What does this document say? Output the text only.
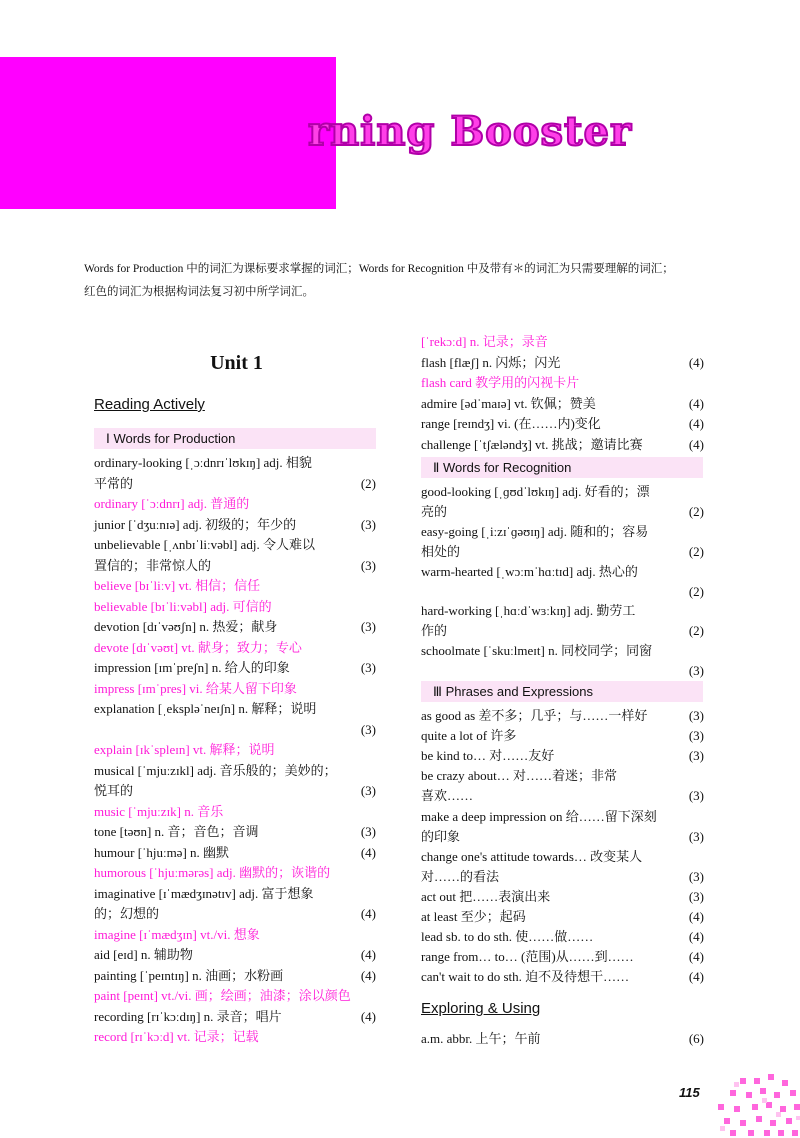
rning Booster

Words for Production 中的词汇为课标要求掌握的词汇；Words for Recognition 中及带有＊的词汇为只需要理解的词汇；

红色的词汇为根据构词法复习初中所学词汇。

Unit 1
Reading Actively
Ⅰ Words for Production
ordinary-looking [ˌɔːdnrɪˈlʊkɪŋ] adj. 相貌
平常的	(2)
ordinary [ˈɔːdnrɪ] adj. 普通的
junior [ˈdʒuːnɪə] adj. 初级的；年少的	(3)
unbelievable [ˌʌnbɪˈliːvəbl] adj. 令人难以
置信的；非常惊人的	(3)
believe [bɪˈliːv] vt. 相信；信任
believable [bɪˈliːvəbl] adj. 可信的
devotion [dɪˈvəʊʃn] n. 热爱；献身	(3)
devote [dɪˈvəʊt] vt. 献身；致力；专心
impression [ɪmˈpreʃn] n. 给人的印象	(3)
impress [ɪmˈpres] vi. 给某人留下印象
explanation [ˌekspləˈneɪʃn] n. 解释；说明
(3)
explain [ɪkˈspleɪn] vt. 解释；说明
musical [ˈmjuːzɪkl] adj. 音乐般的；美妙的；
悦耳的	(3)
music [ˈmjuːzɪk] n. 音乐
tone [təʊn] n. 音；音色；音调	(3)
humour [ˈhjuːmə] n. 幽默	(4)
humorous [ˈhjuːmərəs] adj. 幽默的；诙谐的
imaginative [ɪˈmædʒɪnətɪv] adj. 富于想象
的；幻想的	(4)
imagine [ɪˈmædʒɪn] vt./vi. 想象
aid [eɪd] n. 辅助物	(4)
painting [ˈpeɪntɪŋ] n. 油画；水粉画	(4)
paint [peɪnt] vt./vi. 画；绘画；油漆；涂以颜色
recording [rɪˈkɔːdɪŋ] n. 录音；唱片	(4)
record [rɪˈkɔːd] vt. 记录；记载
[ˈrekɔːd] n. 记录；录音
flash [flæʃ] n. 闪烁；闪光	(4)
flash card 教学用的闪视卡片
admire [ədˈmaɪə] vt. 钦佩；赞美	(4)
range [reɪndʒ] vi. (在……内)变化	(4)
challenge [ˈtʃæləndʒ] vt. 挑战；邀请比赛	(4)
Ⅱ Words for Recognition
good-looking [ˌɡʊdˈlʊkɪŋ] adj. 好看的；漂
亮的	(2)
easy-going [ˌiːzɪˈɡəʊɪŋ] adj. 随和的；容易
相处的	(2)
warm-hearted [ˌwɔːmˈhɑːtɪd] adj. 热心的
(2)
hard-working [ˌhɑːdˈwɜːkɪŋ] adj. 勤劳工
作的	(2)
schoolmate [ˈskuːlmeɪt] n. 同校同学；同窗
(3)
Ⅲ Phrases and Expressions
as good as 差不多；几乎；与……一样好	(3)
quite a lot of 许多	(3)
be kind to… 对……友好	(3)
be crazy about… 对……着迷；非常
喜欢……	(3)
make a deep impression on 给……留下深刻
的印象	(3)
change one's attitude towards… 改变某人
对……的看法	(3)
act out 把……表演出来	(3)
at least 至少；起码	(4)
lead sb. to do sth. 使……做……	(4)
range from… to… (范围)从……到……	(4)
can't wait to do sth. 迫不及待想干……	(4)
Exploring & Using
a.m. abbr. 上午；午前	(6)
115
